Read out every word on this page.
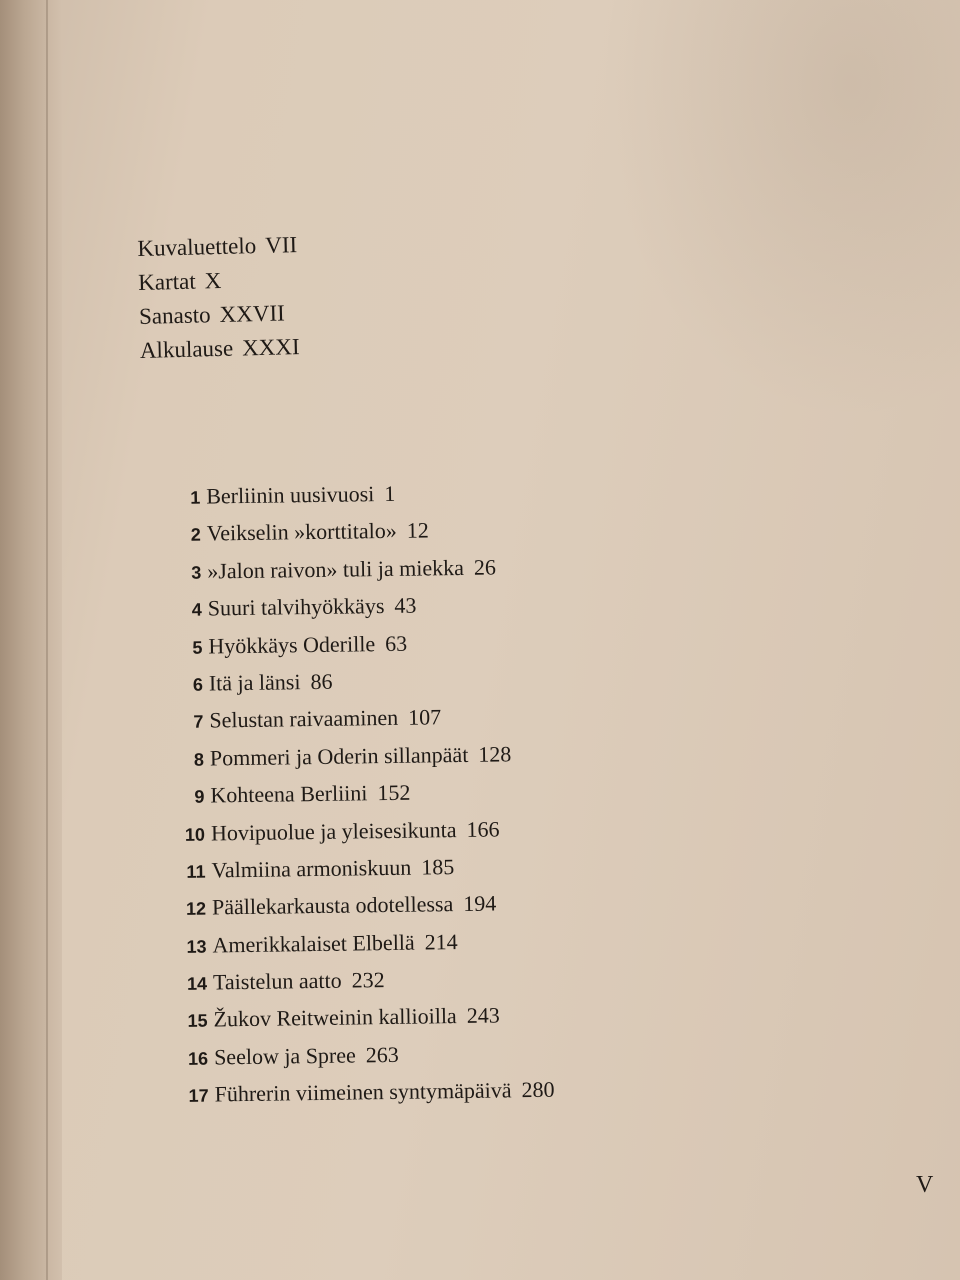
Kuvaluettelo VII
Kartat X
Sanasto XXVII
Alkulause XXXI
1 Berliinin uusivuosi 1
2 Veikselin »korttitalo» 12
3 »Jalon raivon» tuli ja miekka 26
4 Suuri talvihyökkäys 43
5 Hyökkäys Oderille 63
6 Itä ja länsi 86
7 Selustan raivaaminen 107
8 Pommeri ja Oderin sillanpäät 128
9 Kohteena Berliini 152
10 Hovipuolue ja yleisesikunta 166
11 Valmiina armoniskuun 185
12 Päällekarkausta odotellessa 194
13 Amerikkalaiset Elbellä 214
14 Taistelun aatto 232
15 Žukov Reitweinin kallioilla 243
16 Seelow ja Spree 263
17 Führerin viimeinen syntymäpäivä 280
V
